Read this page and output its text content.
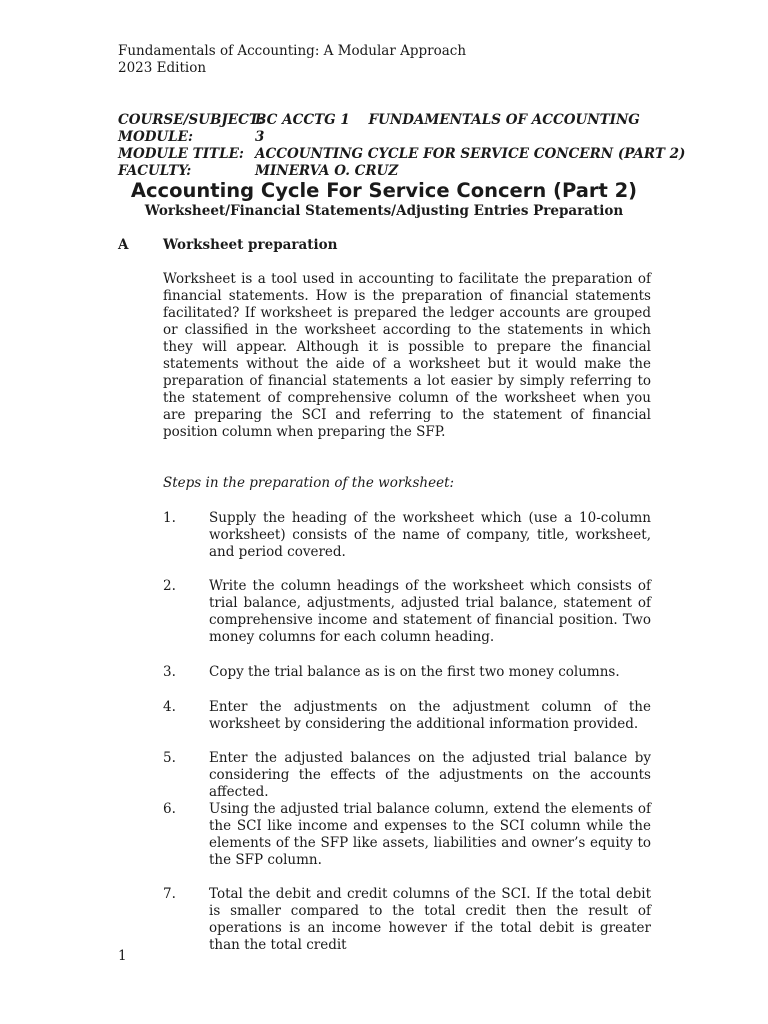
Fundamentals of Accounting: A Modular Approach
2023 Edition
COURSE/SUBJECT:
BC ACCTG 1    FUNDAMENTALS OF ACCOUNTING
MODULE:	3
MODULE TITLE: ACCOUNTING CYCLE FOR SERVICE CONCERN (PART 2)
FACULTY:	MINERVA O. CRUZ
Accounting Cycle For Service Concern (Part 2)
Worksheet/Financial Statements/Adjusting Entries Preparation
A	Worksheet preparation
Worksheet is a tool used in accounting to facilitate the preparation of financial statements. How is the preparation of financial statements facilitated? If worksheet is prepared the ledger accounts are grouped or classified in the worksheet according to the statements in which they will appear. Although it is possible to prepare the financial statements without the aide of a worksheet but it would make the preparation of financial statements a lot easier by simply referring to the statement of comprehensive column of the worksheet when you are preparing the SCI and referring to the statement of financial position column when preparing the SFP.
Steps in the preparation of the worksheet:
1.	Supply the heading of the worksheet which (use a 10-column worksheet) consists of the name of company, title, worksheet, and period covered.
2.	Write the column headings of the worksheet which consists of trial balance, adjustments, adjusted trial balance, statement of comprehensive income and statement of financial position. Two money columns for each column heading.
3.	Copy the trial balance as is on the first two money columns.
4.	Enter the adjustments on the adjustment column of the worksheet by considering the additional information provided.
5.	Enter the adjusted balances on the adjusted trial balance by considering the effects of the adjustments on the accounts affected.
6.	Using the adjusted trial balance column, extend the elements of the SCI like income and expenses to the SCI column while the elements of the SFP like assets, liabilities and owner’s equity to the SFP column.
7.	Total the debit and credit columns of the SCI. If the total debit is smaller compared to the total credit then the result of operations is an income however if the total debit is greater than the total credit
1
